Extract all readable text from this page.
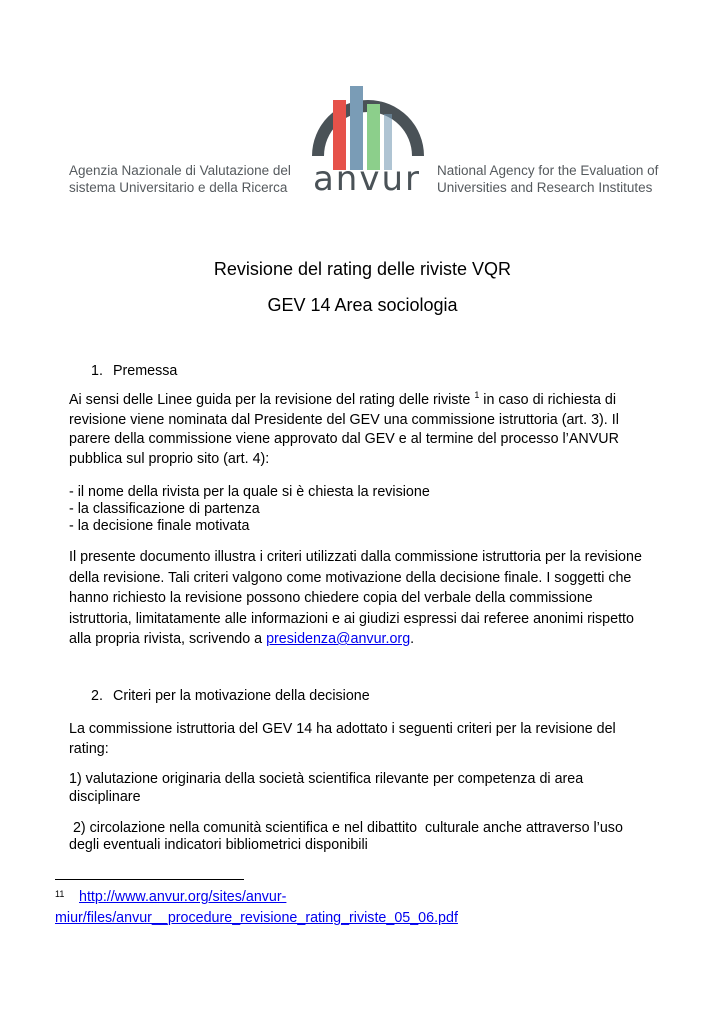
Agenzia Nazionale di Valutazione del
sistema Universitario e della Ricerca anvur National Agency for the Evaluation of
Universities and Research Institutes
Revisione del rating delle riviste VQR
GEV 14 Area sociologia
1. Premessa
Ai sensi delle Linee guida per la revisione del rating delle riviste $^1$ in caso di richiesta di
revisione viene nominata dal Presidente del GEV una commissione istruttoria (art. 3). Il
parere della commissione viene approvato dal GEV e al termine del processo l’ANVUR
pubblica sul proprio sito (art. 4):
- il nome della rivista per la quale si è chiesta la revisione
- la classificazione di partenza
- la decisione finale motivata
Il presente documento illustra i criteri utilizzati dalla commissione istruttoria per la revisione
della revisione. Tali criteri valgono come motivazione della decisione finale. I soggetti che
hanno richiesto la revisione possono chiedere copia del verbale della commissione
istruttoria, limitatamente alle informazioni e ai giudizi espressi dai referee anonimi rispetto
alla propria rivista, scrivendo a presidenza@anvur.org.
2. Criteri per la motivazione della decisione
La commissione istruttoria del GEV 14 ha adottato i seguenti criteri per la revisione del
rating:
1) valutazione originaria della società scientifica rilevante per competenza di area
disciplinare
2) circolazione nella comunità scientifica e nel dibattito  culturale anche attraverso l’uso
degli eventuali indicatori bibliometrici disponibili
11 http://www.anvur.org/sites/anvur-
miur/files/anvur__procedure_revisione_rating_riviste_05_06.pdf
